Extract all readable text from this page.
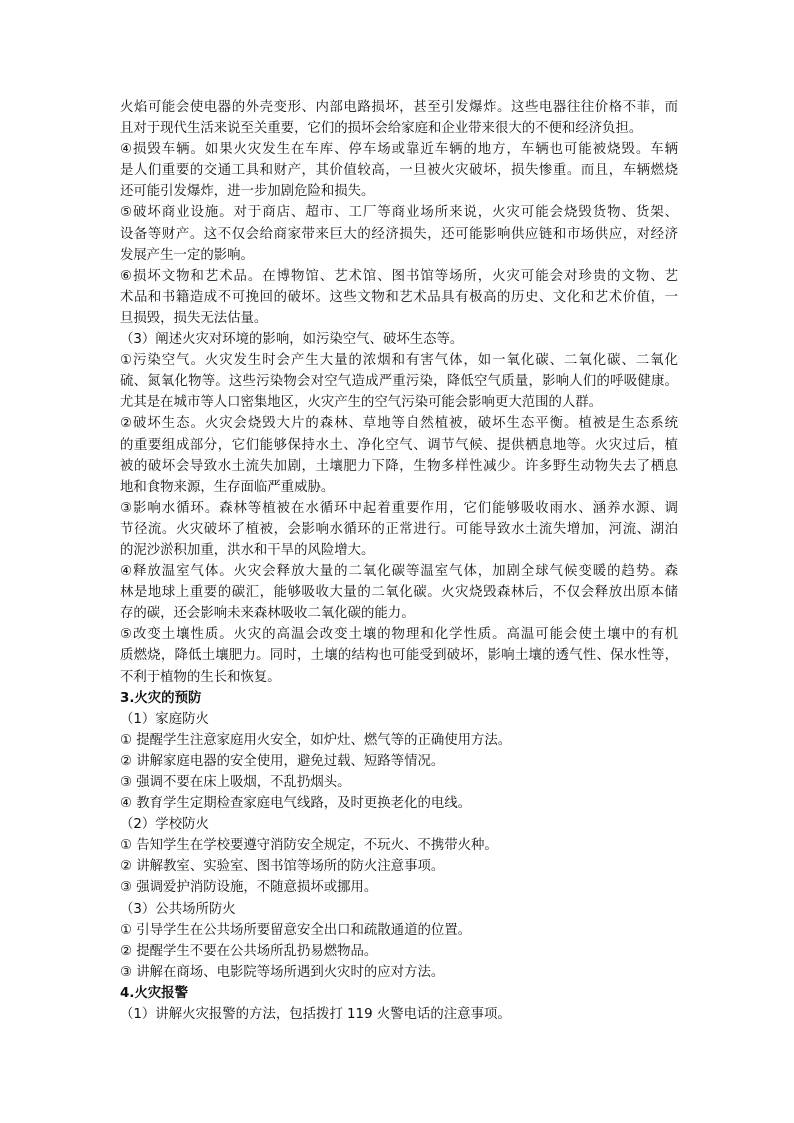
火焰可能会使电器的外壳变形、内部电路损坏，甚至引发爆炸。这些电器往往价格不菲，而
且对于现代生活来说至关重要，它们的损坏会给家庭和企业带来很大的不便和经济负担。
④损毁车辆。如果火灾发生在车库、停车场或靠近车辆的地方，车辆也可能被烧毁。车辆
是人们重要的交通工具和财产，其价值较高，一旦被火灾破坏，损失惨重。而且，车辆燃烧
还可能引发爆炸，进一步加剧危险和损失。
⑤破坏商业设施。对于商店、超市、工厂等商业场所来说，火灾可能会烧毁货物、货架、
设备等财产。这不仅会给商家带来巨大的经济损失，还可能影响供应链和市场供应，对经济
发展产生一定的影响。
⑥损坏文物和艺术品。在博物馆、艺术馆、图书馆等场所，火灾可能会对珍贵的文物、艺
术品和书籍造成不可挽回的破坏。这些文物和艺术品具有极高的历史、文化和艺术价值，一
旦损毁，损失无法估量。
（3）阐述火灾对环境的影响，如污染空气、破坏生态等。
①污染空气。火灾发生时会产生大量的浓烟和有害气体，如一氧化碳、二氧化碳、二氧化
硫、氮氧化物等。这些污染物会对空气造成严重污染，降低空气质量，影响人们的呼吸健康。
尤其是在城市等人口密集地区，火灾产生的空气污染可能会影响更大范围的人群。
②破坏生态。火灾会烧毁大片的森林、草地等自然植被，破坏生态平衡。植被是生态系统
的重要组成部分，它们能够保持水土、净化空气、调节气候、提供栖息地等。火灾过后，植
被的破坏会导致水土流失加剧，土壤肥力下降，生物多样性减少。许多野生动物失去了栖息
地和食物来源，生存面临严重威胁。
③影响水循环。森林等植被在水循环中起着重要作用，它们能够吸收雨水、涵养水源、调
节径流。火灾破坏了植被，会影响水循环的正常进行。可能导致水土流失增加，河流、湖泊
的泥沙淤积加重，洪水和干旱的风险增大。
④释放温室气体。火灾会释放大量的二氧化碳等温室气体，加剧全球气候变暖的趋势。森
林是地球上重要的碳汇，能够吸收大量的二氧化碳。火灾烧毁森林后，不仅会释放出原本储
存的碳，还会影响未来森林吸收二氧化碳的能力。
⑤改变土壤性质。火灾的高温会改变土壤的物理和化学性质。高温可能会使土壤中的有机
质燃烧，降低土壤肥力。同时，土壤的结构也可能受到破坏，影响土壤的透气性、保水性等，
不利于植物的生长和恢复。
3.火灾的预防
（1）家庭防火
① 提醒学生注意家庭用火安全，如炉灶、燃气等的正确使用方法。
② 讲解家庭电器的安全使用，避免过载、短路等情况。
③ 强调不要在床上吸烟，不乱扔烟头。
④ 教育学生定期检查家庭电气线路，及时更换老化的电线。
（2）学校防火
① 告知学生在学校要遵守消防安全规定，不玩火、不携带火种。
② 讲解教室、实验室、图书馆等场所的防火注意事项。
③ 强调爱护消防设施，不随意损坏或挪用。
（3）公共场所防火
① 引导学生在公共场所要留意安全出口和疏散通道的位置。
② 提醒学生不要在公共场所乱扔易燃物品。
③ 讲解在商场、电影院等场所遇到火灾时的应对方法。
4.火灾报警
（1）讲解火灾报警的方法，包括拨打 119 火警电话的注意事项。
